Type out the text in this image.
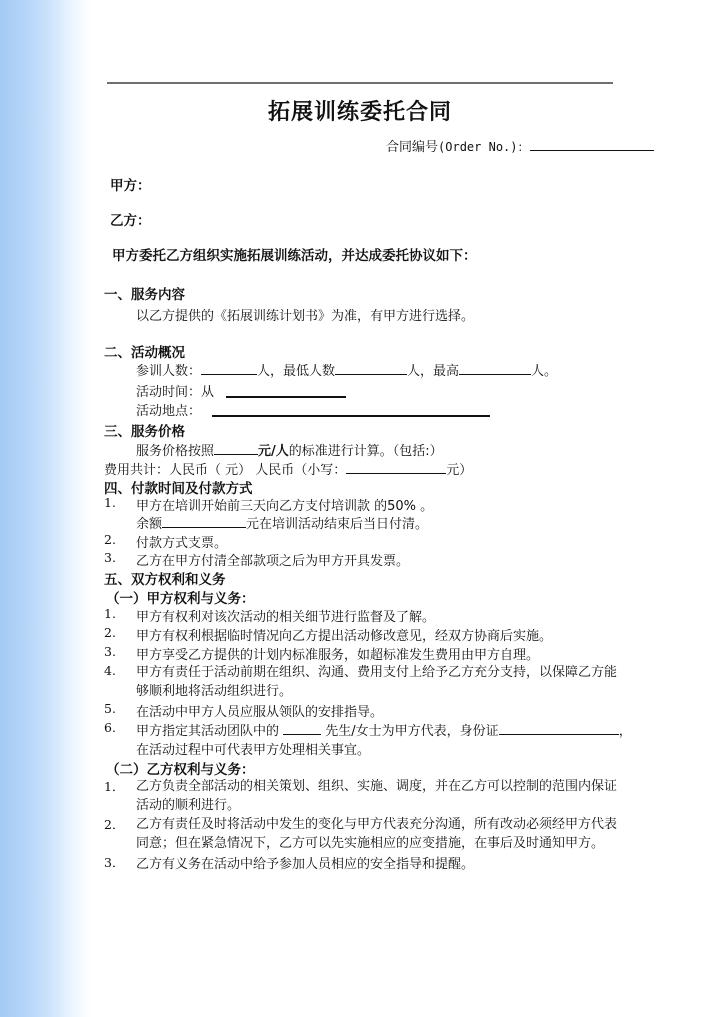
拓展训练委托合同
合同编号(Order No.)：
甲方：
乙方：
甲方委托乙方组织实施拓展训练活动，并达成委托协议如下：
一、服务内容
以乙方提供的《拓展训练计划书》为准，有甲方进行选择。
二、活动概况
参训人数：	人，最低人数	人，最高	人。
活动时间：从
活动地点：
三、服务价格
服务价格按照	元/人的标准进行计算。（包括:）
费用共计：人民币（ 元） 人民币（小写：	元）
四、付款时间及付款方式
1. 甲方在培训开始前三天向乙方支付培训款 的50% 。
余额	元在培训活动结束后当日付清。
2. 付款方式支票。
3. 乙方在甲方付清全部款项之后为甲方开具发票。
五、双方权利和义务
（一）甲方权利与义务：
1. 甲方有权利对该次活动的相关细节进行监督及了解。
2. 甲方有权利根据临时情况向乙方提出活动修改意见，经双方协商后实施。
3. 甲方享受乙方提供的计划内标准服务，如超标准发生费用由甲方自理。
4. 甲方有责任于活动前期在组织、沟通、费用支付上给予乙方充分支持，以保障乙方能够顺利地将活动组织进行。
5. 在活动中甲方人员应服从领队的安排指导。
6. 甲方指定其活动团队中的	先生/女士为甲方代表，身份证	，
在活动过程中可代表甲方处理相关事宜。
（二）乙方权利与义务：
1． 乙方负责全部活动的相关策划、组织、实施、调度，并在乙方可以控制的范围内保证活动的顺利进行。
2． 乙方有责任及时将活动中发生的变化与甲方代表充分沟通，所有改动必须经甲方代表同意；但在紧急情况下，乙方可以先实施相应的应变措施，在事后及时通知甲方。
3． 乙方有义务在活动中给予参加人员相应的安全指导和提醒。
